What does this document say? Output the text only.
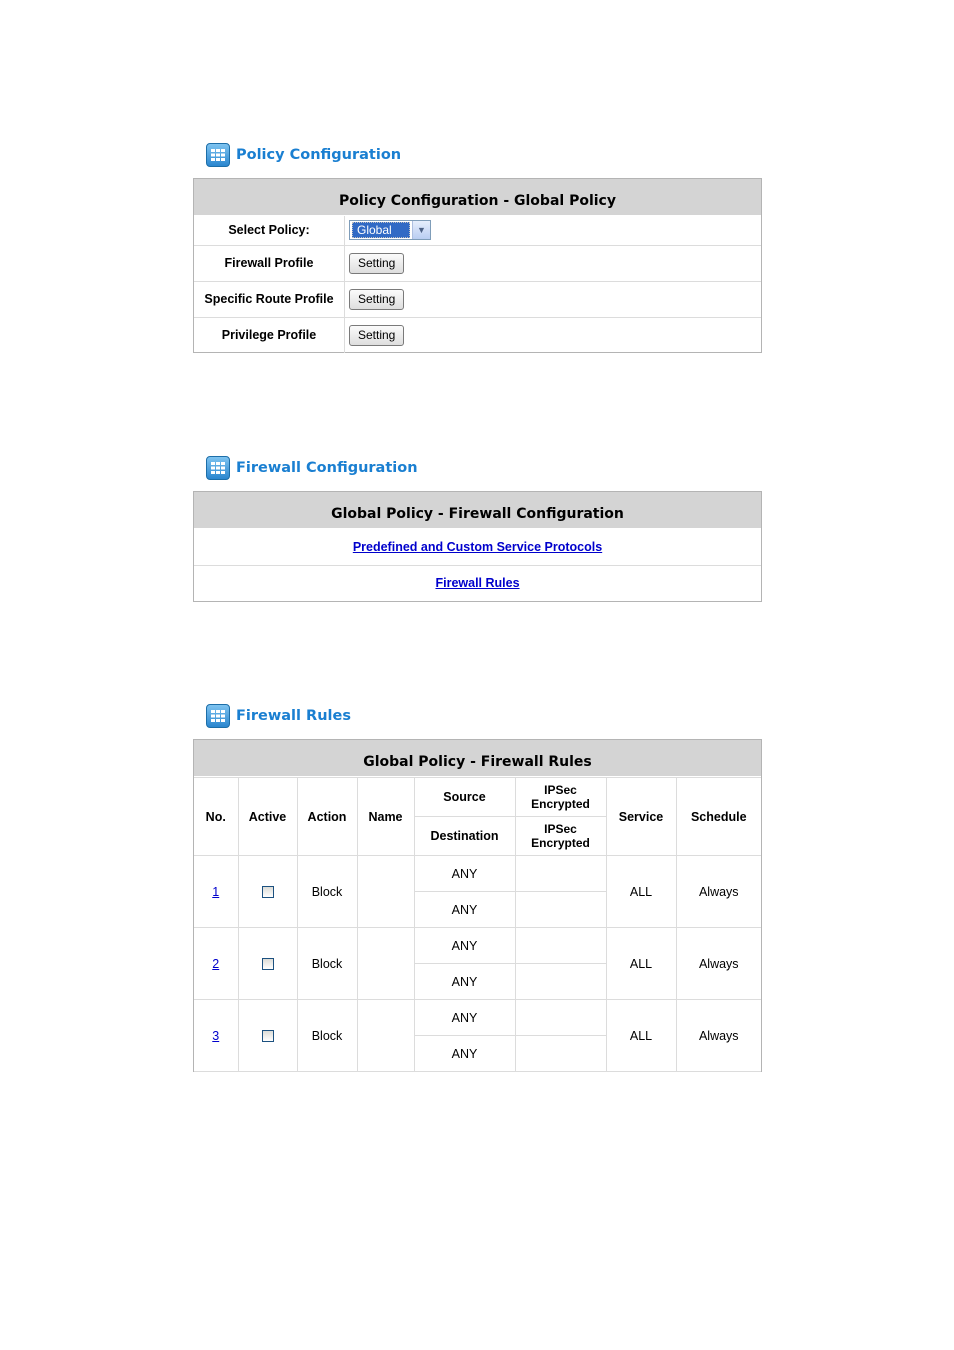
Policy Configuration
Policy Configuration - Global Policy
Select Policy:	Global ▼

Firewall Profile	Setting
Specific Route Profile	Setting
Privilege Profile	Setting
Firewall Configuration
Global Policy - Firewall Configuration
Predefined and Custom Service Protocols
Firewall Rules
Firewall Rules
Global Policy - Firewall Rules
No.	Active	Action	Name	Source	IPSec Encrypted	Service	Schedule
				Destination	IPSec Encrypted		
1		Block		ANY		ALL	Always
				ANY			
2		Block		ANY		ALL	Always
				ANY			
3		Block		ANY		ALL	Always
				ANY			
